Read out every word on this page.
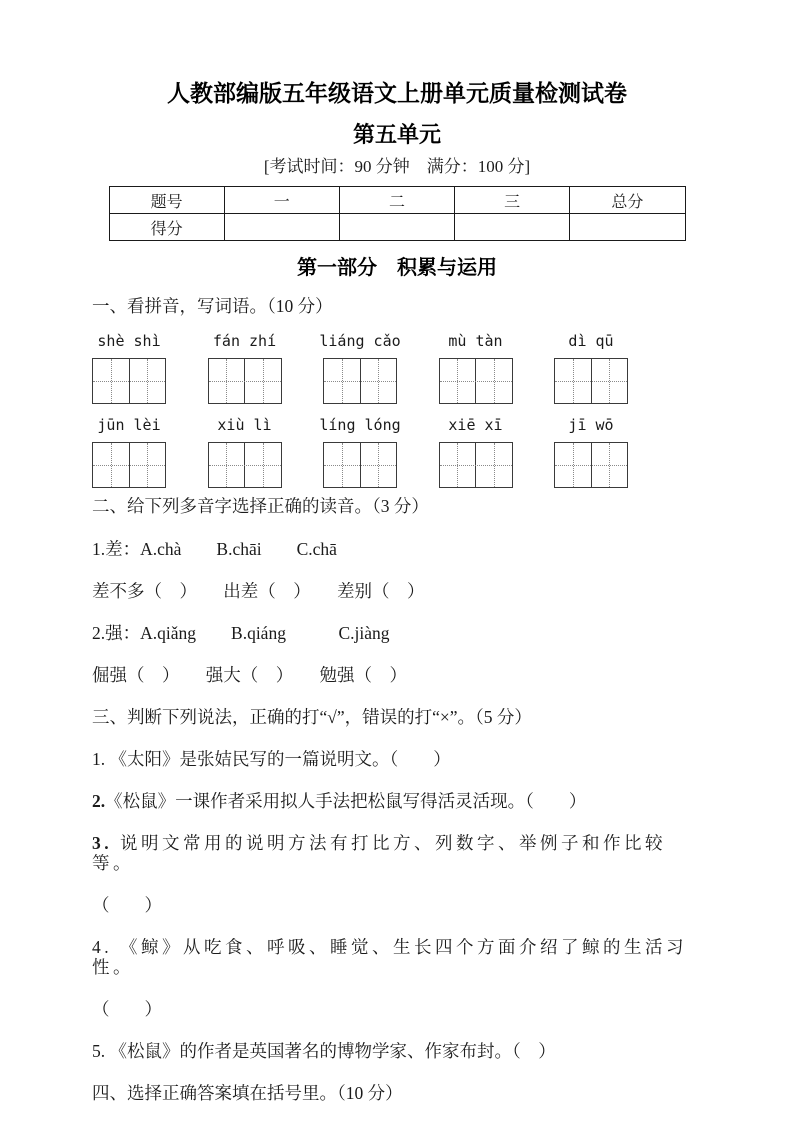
人教部编版五年级语文上册单元质量检测试卷
第五单元
[考试时间：90 分钟　满分：100 分]
题号	一	二	三	总分
得分				
第一部分　积累与运用
一、看拼音，写词语。（10 分）
shè shì	fán zhí	liáng cǎo	mù tàn	dì qū
jūn lèi	xiù lì	líng lóng	xiē xī	jī wō
二、给下列多音字选择正确的读音。（3 分）
1.差：A.chà　　B.chāi　　C.chā
差不多（　）　　出差（　）　　差别（　）
2.强：A.qiǎng　　B.qiáng　　　C.jiàng
倔强（　）　　强大（　）　　勉强（　）
三、判断下列说法，正确的打“√”，错误的打“×”。（5 分）
1. 《太阳》是张姞民写的一篇说明文。（　　）
2.《松鼠》一课作者采用拟人手法把松鼠写得活灵活现。（　　）
3. 说明文常用的说明方法有打比方、列数字、举例子和作比较等。
（　　）
4. 《鲸》从吃食、呼吸、睡觉、生长四个方面介绍了鲸的生活习性。
（　　）
5. 《松鼠》的作者是英国著名的博物学家、作家布封。（　）
四、选择正确答案填在括号里。（10 分）
